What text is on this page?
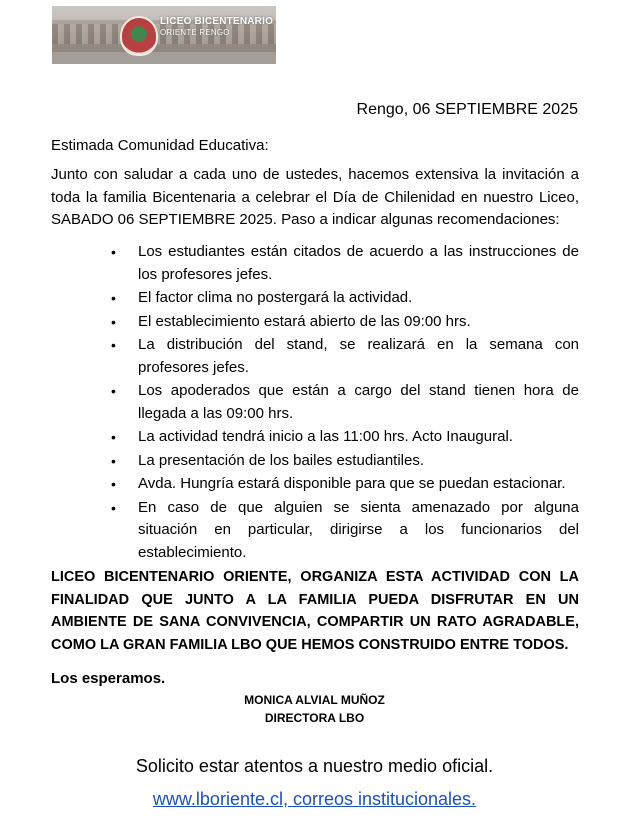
LICEO BICENTENARIO
ORIENTE RENGO
Rengo, 06 SEPTIEMBRE 2025
Estimada Comunidad Educativa:
Junto con saludar a cada uno de ustedes, hacemos extensiva la invitación a toda la familia Bicentenaria a celebrar el Día de Chilenidad en nuestro Liceo, SABADO 06 SEPTIEMBRE 2025. Paso a indicar algunas recomendaciones:
• Los estudiantes están citados de acuerdo a las instrucciones de los profesores jefes.
• El factor clima no postergará la actividad.
• El establecimiento estará abierto de las 09:00 hrs.
• La distribución del stand, se realizará en la semana con profesores jefes.
• Los apoderados que están a cargo del stand tienen hora de llegada a las 09:00 hrs.
• La actividad tendrá inicio a las 11:00 hrs. Acto Inaugural.
• La presentación de los bailes estudiantiles.
• Avda. Hungría estará disponible para que se puedan estacionar.
• En caso de que alguien se sienta amenazado por alguna situación en particular, dirigirse a los funcionarios del establecimiento.
LICEO BICENTENARIO ORIENTE, ORGANIZA ESTA ACTIVIDAD CON LA FINALIDAD QUE JUNTO A LA FAMILIA PUEDA DISFRUTAR EN UN AMBIENTE DE SANA CONVIVENCIA, COMPARTIR UN RATO AGRADABLE, COMO LA GRAN FAMILIA LBO QUE HEMOS CONSTRUIDO ENTRE TODOS.
Los esperamos.
MONICA ALVIAL MUÑOZ
DIRECTORA LBO
Solicito estar atentos a nuestro medio oficial.
www.lboriente.cl, correos institucionales.
